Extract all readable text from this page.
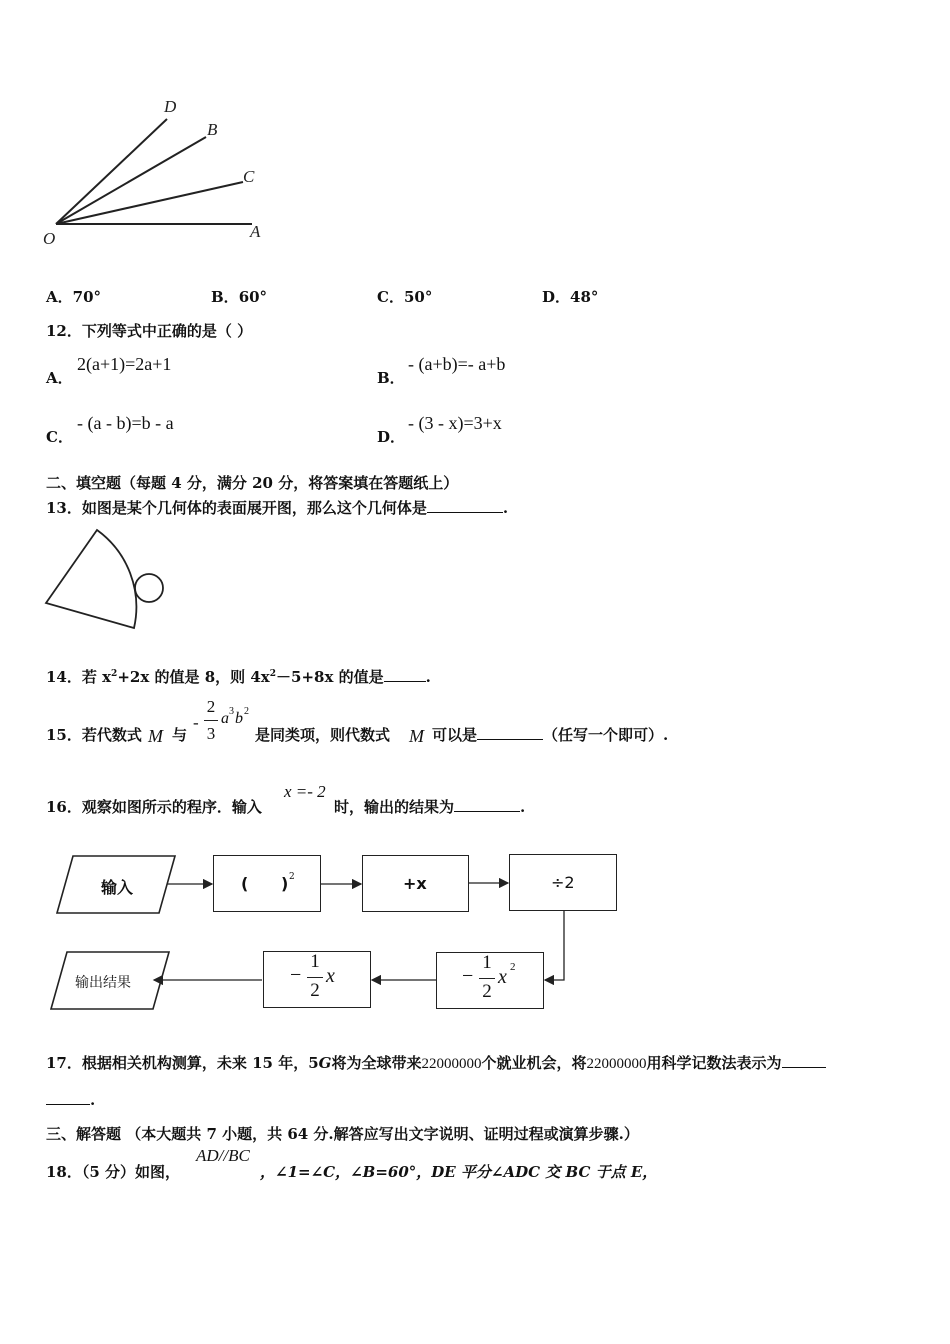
D
B
C
A
O
A．70°	B．60°	C．50°	D．48°
12．下列等式中正确的是（ ）
A．
2(a+1)=2a+1
B．
- (a+b)=- a+b
C．
- (a - b)=b - a
D．
- (3 - x)=3+x
二、填空题（每题 4 分，满分 20 分，将答案填在答题纸上）
13．如图是某个几何体的表面展开图，那么这个几何体是	.
14．若 $x^2+2x$ 的值是 8，则 $4x^2-5+8x$ 的值是	.
15．若代数式 M 与
-
2
3
a 3 b 2
是同类项，则代数式 M 可以是	（任写一个即可）.
16．观察如图所示的程序．输入
x =- 2
时，输出的结果为	.
输入	( ) 2	+x	÷2
−
1
2
x 2
−
1
2
x
输出结果
17．根据相关机构测算，未来 15 年，5G将为全球带来22000000个就业机会，将22000000用科学记数法表示为
.
三、解答题 （本大题共 7 小题，共 64 分.解答应写出文字说明、证明过程或演算步骤.）
18．（5 分）如图，
AD//BC
，∠1=∠C，∠B=60°，DE 平分∠ADC 交 BC 于点 E，
